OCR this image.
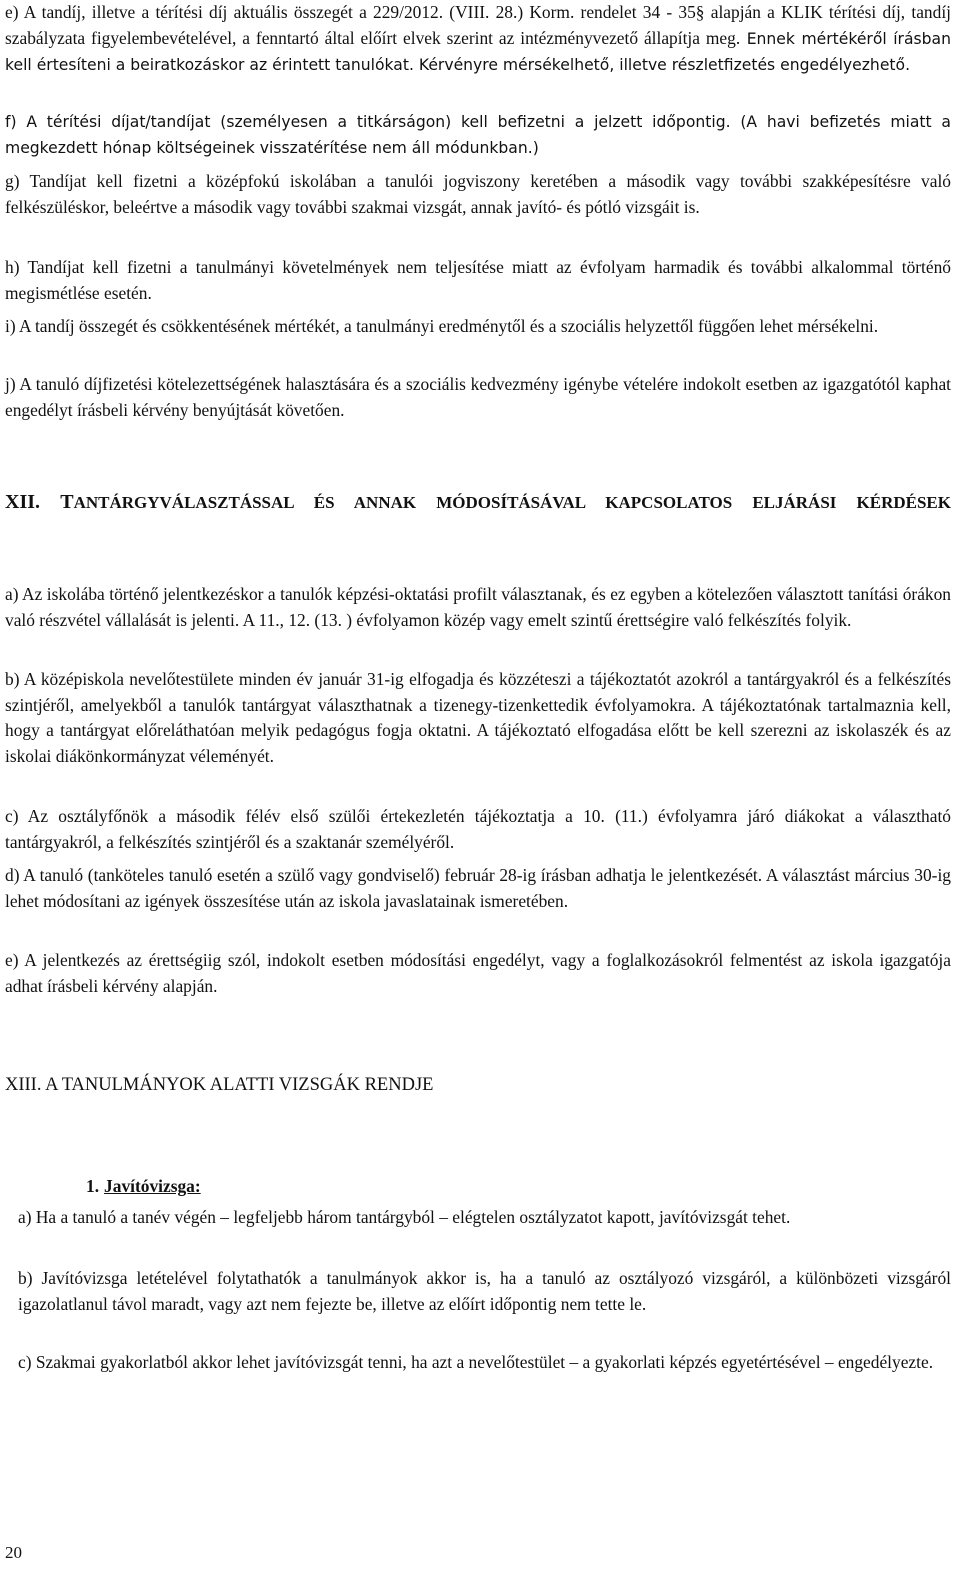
e) A tandíj, illetve a térítési díj aktuális összegét a 229/2012. (VIII. 28.) Korm. rendelet 34 - 35§ alapján a KLIK térítési díj, tandíj szabályzata figyelembevételével, a fenntartó által előírt elvek szerint az intézményvezető állapítja meg. Ennek mértékéről írásban kell értesíteni a beiratkozáskor az érintett tanulókat. Kérvényre mérsékelhető, illetve részletfizetés engedélyezhető.

f) A térítési díjat/tandíjat (személyesen a titkárságon) kell befizetni a jelzett időpontig. (A havi befizetés miatt a megkezdett hónap költségeinek visszatérítése nem áll módunkban.)

g) Tandíjat kell fizetni a középfokú iskolában a tanulói jogviszony keretében a második vagy további szakképesítésre való felkészüléskor, beleértve a második vagy további szakmai vizsgát, annak javító- és pótló vizsgáit is.

h) Tandíjat kell fizetni a tanulmányi követelmények nem teljesítése miatt az évfolyam harmadik és további alkalommal történő megismétlése esetén.

i) A tandíj összegét és csökkentésének mértékét, a tanulmányi eredménytől és a szociális helyzettől függően lehet mérsékelni.

j) A tanuló díjfizetési kötelezettségének halasztására és a szociális kedvezmény igénybe vételére indokolt esetben az igazgatótól kaphat engedélyt írásbeli kérvény benyújtását követően.

XII. TANTÁRGYVÁLASZTÁSSAL ÉS ANNAK MÓDOSÍTÁSÁVAL KAPCSOLATOS ELJÁRÁSI KÉRDÉSEK

a) Az iskolába történő jelentkezéskor a tanulók képzési-oktatási profilt választanak, és ez egyben a kötelezően választott tanítási órákon való részvétel vállalását is jelenti. A 11., 12. (13. ) évfolyamon közép vagy emelt szintű érettségire való felkészítés folyik.

b) A középiskola nevelőtestülete minden év január 31-ig elfogadja és közzéteszi a tájékoztatót azokról a tantárgyakról és a felkészítés szintjéről, amelyekből a tanulók tantárgyat választhatnak a tizenegy-tizenkettedik évfolyamokra. A tájékoztatónak tartalmaznia kell, hogy a tantárgyat előreláthatóan melyik pedagógus fogja oktatni. A tájékoztató elfogadása előtt be kell szerezni az iskolaszék és az iskolai diákönkormányzat véleményét.

c) Az osztályfőnök a második félév első szülői értekezletén tájékoztatja a 10. (11.) évfolyamra járó diákokat a választható tantárgyakról, a felkészítés szintjéről és a szaktanár személyéről.

d) A tanuló (tanköteles tanuló esetén a szülő vagy gondviselő) február 28-ig írásban adhatja le jelentkezését. A választást március 30-ig lehet módosítani az igények összesítése után az iskola javaslatainak ismeretében.

e) A jelentkezés az érettségiig szól, indokolt esetben módosítási engedélyt, vagy a foglalkozásokról felmentést az iskola igazgatója adhat írásbeli kérvény alapján.

XIII. A TANULMÁNYOK ALATTI VIZSGÁK RENDJE

1. Javítóvizsga:

a) Ha a tanuló a tanév végén – legfeljebb három tantárgyból – elégtelen osztályzatot kapott, javítóvizsgát tehet.

b) Javítóvizsga letételével folytathatók a tanulmányok akkor is, ha a tanuló az osztályozó vizsgáról, a különbözeti vizsgáról igazolatlanul távol maradt, vagy azt nem fejezte be, illetve az előírt időpontig nem tette le.

c) Szakmai gyakorlatból akkor lehet javítóvizsgát tenni, ha azt a nevelőtestület – a gyakorlati képzés egyetértésével – engedélyezte.

20
